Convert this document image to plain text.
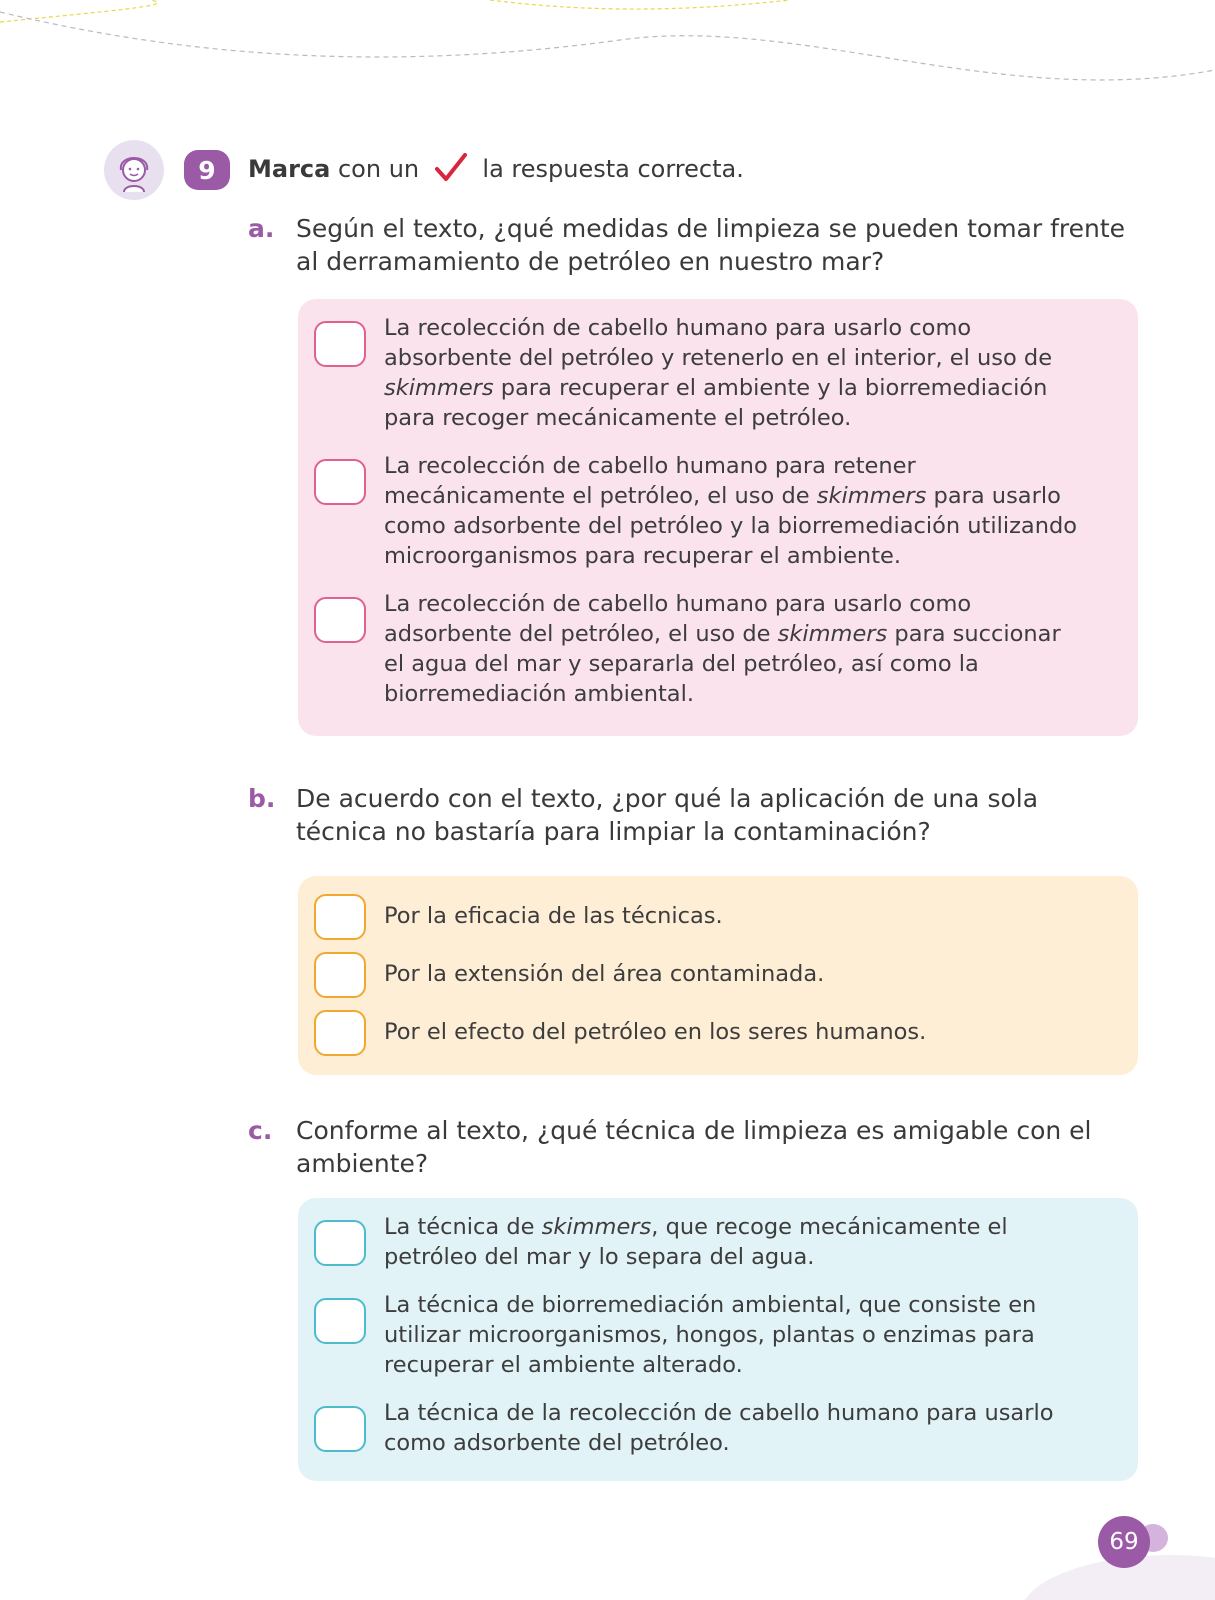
9	Marca con un	la respuesta correcta.
a. Según el texto, ¿qué medidas de limpieza se pueden tomar frente al derramamiento de petróleo en nuestro mar?
La recolección de cabello humano para usarlo como
absorbente del petróleo y retenerlo en el interior, el uso de
skimmers para recuperar el ambiente y la biorremediación
para recoger mecánicamente el petróleo.
La recolección de cabello humano para retener
mecánicamente el petróleo, el uso de skimmers para usarlo
como adsorbente del petróleo y la biorremediación utilizando
microorganismos para recuperar el ambiente.
La recolección de cabello humano para usarlo como
adsorbente del petróleo, el uso de skimmers para succionar
el agua del mar y separarla del petróleo, así como la
biorremediación ambiental.
b. De acuerdo con el texto, ¿por qué la aplicación de una sola técnica no bastaría para limpiar la contaminación?
Por la eficacia de las técnicas.
Por la extensión del área contaminada.
Por el efecto del petróleo en los seres humanos.
c. Conforme al texto, ¿qué técnica de limpieza es amigable con el ambiente?
La técnica de skimmers, que recoge mecánicamente el
petróleo del mar y lo separa del agua.
La técnica de biorremediación ambiental, que consiste en
utilizar microorganismos, hongos, plantas o enzimas para
recuperar el ambiente alterado.
La técnica de la recolección de cabello humano para usarlo
como adsorbente del petróleo.
69
